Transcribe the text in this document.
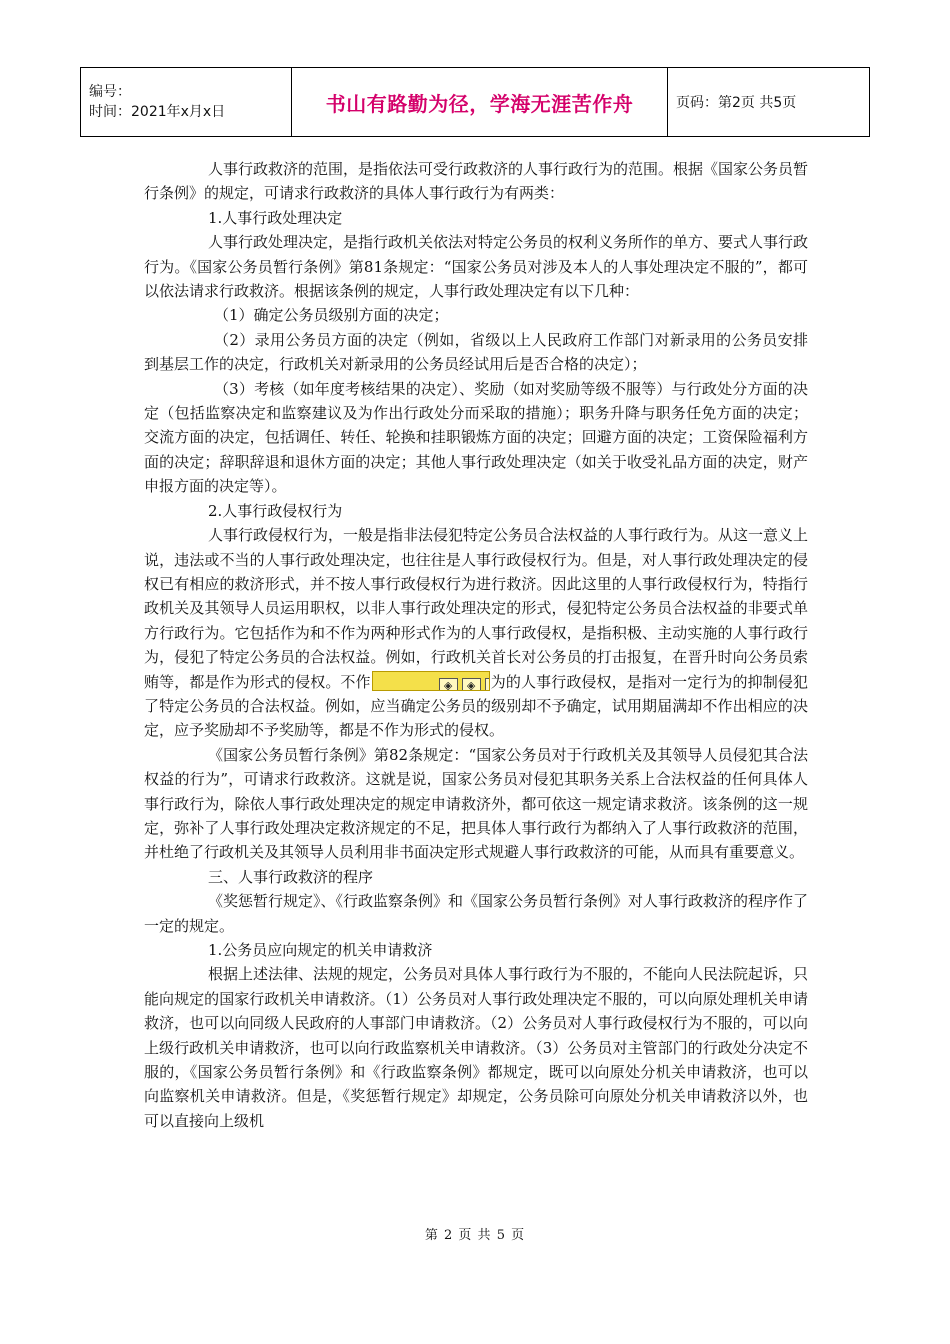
编号：
时间：2021年x月x日	书山有路勤为径，学海无涯苦作舟	页码：第2页 共5页

人事行政救济的范围，是指依法可受行政救济的人事行政行为的范围。根据《国家公务员暂行条例》的规定，可请求行政救济的具体人事行政行为有两类：

1.人事行政处理决定

人事行政处理决定，是指行政机关依法对特定公务员的权利义务所作的单方、要式人事行政行为。《国家公务员暂行条例》第81条规定：“国家公务员对涉及本人的人事处理决定不服的”，都可以依法请求行政救济。根据该条例的规定，人事行政处理决定有以下几种：

（1）确定公务员级别方面的决定；

（2）录用公务员方面的决定（例如，省级以上人民政府工作部门对新录用的公务员安排到基层工作的决定，行政机关对新录用的公务员经试用后是否合格的决定）；

（3）考核（如年度考核结果的决定）、奖励（如对奖励等级不服等）与行政处分方面的决定（包括监察决定和监察建议及为作出行政处分而采取的措施）；职务升降与职务任免方面的决定；交流方面的决定，包括调任、转任、轮换和挂职锻炼方面的决定；回避方面的决定；工资保险福利方面的决定；辞职辞退和退休方面的决定；其他人事行政处理决定（如关于收受礼品方面的决定，财产申报方面的决定等）。

2.人事行政侵权行为

人事行政侵权行为，一般是指非法侵犯特定公务员合法权益的人事行政行为。从这一意义上说，违法或不当的人事行政处理决定，也往往是人事行政侵权行为。但是，对人事行政处理决定的侵权已有相应的救济形式，并不按人事行政侵权行为进行救济。因此这里的人事行政侵权行为，特指行政机关及其领导人员运用职权，以非人事行政处理决定的形式，侵犯特定公务员合法权益的非要式单方行政行为。它包括作为和不作为两种形式作为的人事行政侵权，是指积极、主动实施的人事行政行为，侵犯了特定公务员的合法权益。例如，行政机关首长对公务员的打击报复，在晋升时向公务员索贿等，都是作为形式的侵权。不作	◈ ◈ 为的人事行政侵权，是指对一定行为的抑制侵犯了特定公务员的合法权益。例如，应当确定公务员的级别却不予确定，试用期届满却不作出相应的决定，应予奖励却不予奖励等，都是不作为形式的侵权。

《国家公务员暂行条例》第82条规定：“国家公务员对于行政机关及其领导人员侵犯其合法权益的行为”，可请求行政救济。这就是说，国家公务员对侵犯其职务关系上合法权益的任何具体人事行政行为，除依人事行政处理决定的规定申请救济外，都可依这一规定请求救济。该条例的这一规定，弥补了人事行政处理决定救济规定的不足，把具体人事行政行为都纳入了人事行政救济的范围，并杜绝了行政机关及其领导人员利用非书面决定形式规避人事行政救济的可能，从而具有重要意义。

三、人事行政救济的程序

《奖惩暂行规定》、《行政监察条例》和《国家公务员暂行条例》对人事行政救济的程序作了一定的规定。

1.公务员应向规定的机关申请救济

根据上述法律、法规的规定，公务员对具体人事行政行为不服的，不能向人民法院起诉，只能向规定的国家行政机关申请救济。（1）公务员对人事行政处理决定不服的，可以向原处理机关申请救济，也可以向同级人民政府的人事部门申请救济。（2）公务员对人事行政侵权行为不服的，可以向上级行政机关申请救济，也可以向行政监察机关申请救济。（3）公务员对主管部门的行政处分决定不服的，《国家公务员暂行条例》和《行政监察条例》都规定，既可以向原处分机关申请救济，也可以向监察机关申请救济。但是，《奖惩暂行规定》却规定，公务员除可向原处分机关申请救济以外，也可以直接向上级机

第 2 页 共 5 页
